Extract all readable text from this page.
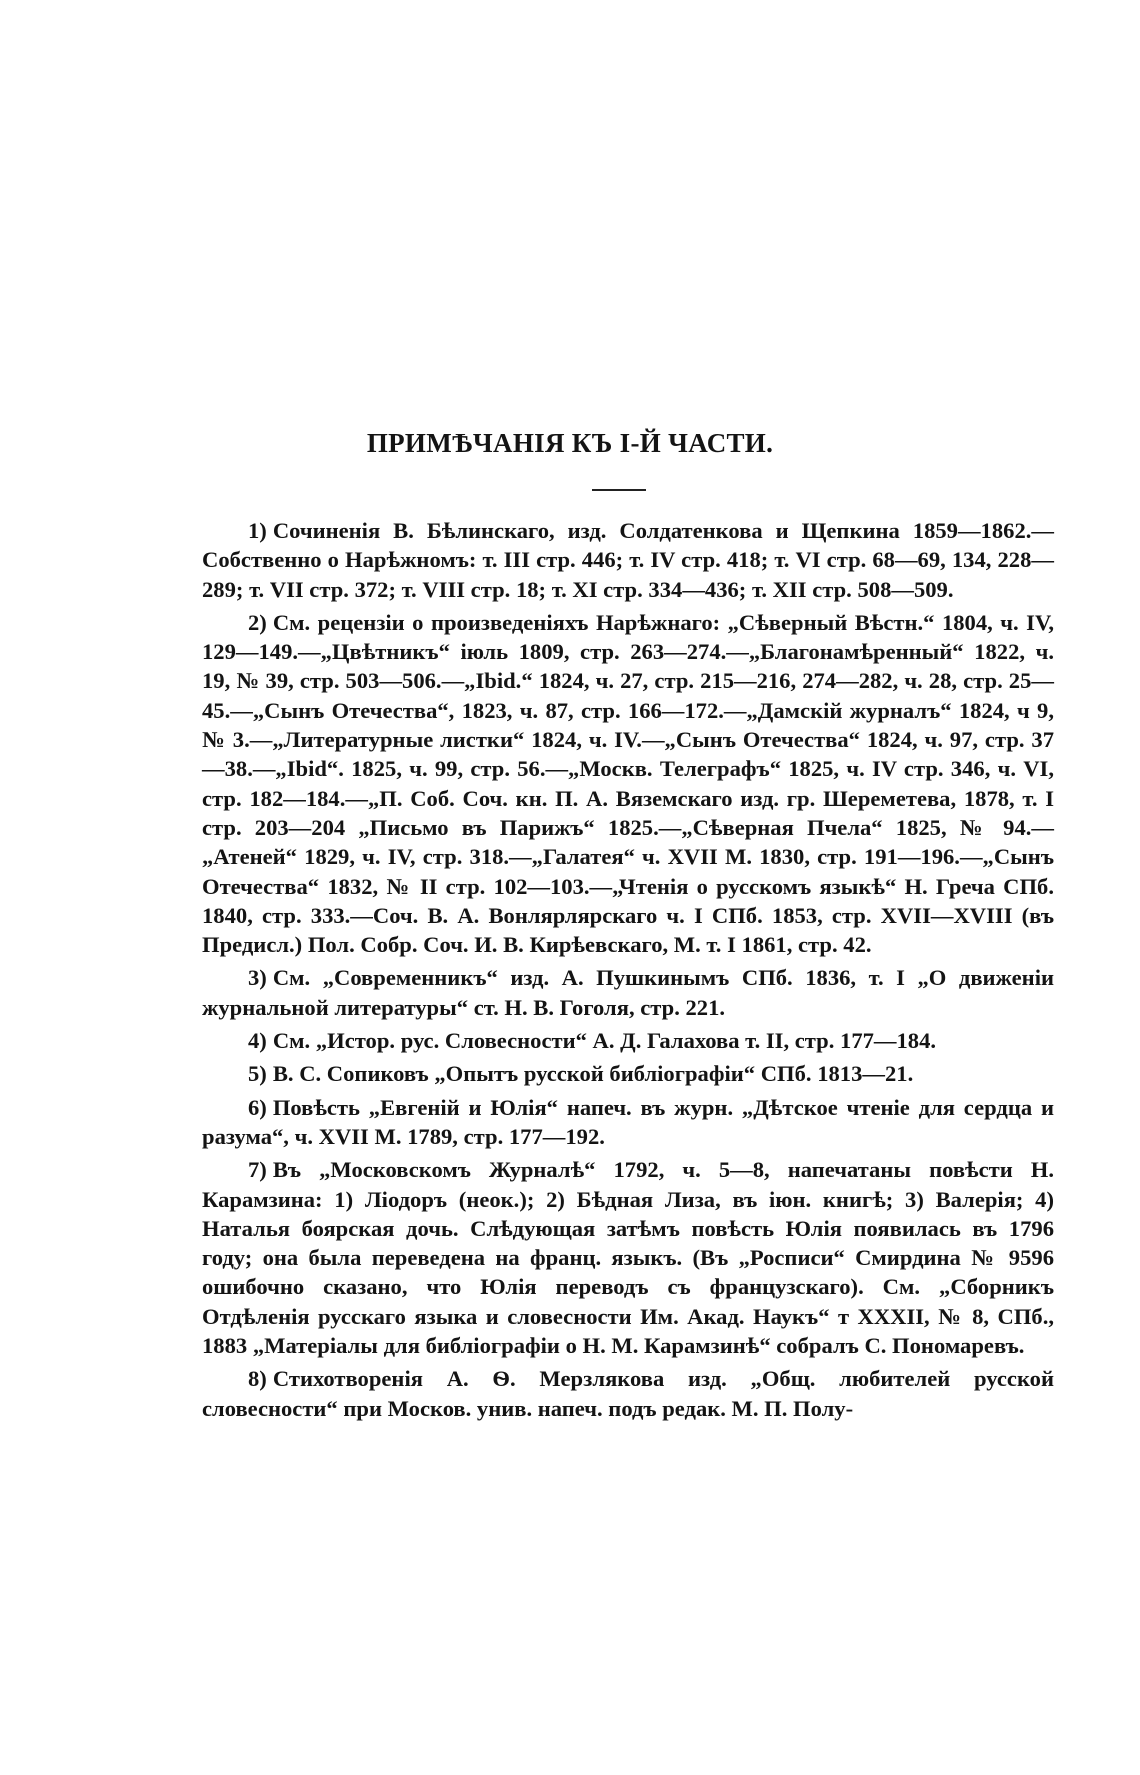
ПРИМѢЧАНІЯ КЪ І-Й ЧАСТИ.

1) Сочиненія В. Бѣлинскаго, изд. Солдатенкова и Щепкина 1859—1862.—Собственно о Нарѣжномъ: т. III стр. 446; т. IV стр. 418; т. VI стр. 68—69, 134, 228—289; т. VII стр. 372; т. VIII стр. 18; т. XI стр. 334—436; т. XII стр. 508—509.

2) См. рецензіи о произведеніяхъ Нарѣжнаго: „Сѣверный Вѣстн.“ 1804, ч. IV, 129—149.—„Цвѣтникъ“ іюль 1809, стр. 263—274.—„Благонамѣренный“ 1822, ч. 19, № 39, стр. 503—506.—„Ibid.“ 1824, ч. 27, стр. 215—216, 274—282, ч. 28, стр. 25—45.—„Сынъ Отечества“, 1823, ч. 87, стр. 166—172.—„Дамскій журналъ“ 1824, ч 9, № 3.—„Литературные листки“ 1824, ч. IV.—„Сынъ Отечества“ 1824, ч. 97, стр. 37—38.—„Ibid“. 1825, ч. 99, стр. 56.—„Москв. Телеграфъ“ 1825, ч. IV стр. 346, ч. VI, стр. 182—184.—„П. Соб. Соч. кн. П. А. Вяземскаго изд. гр. Шереметева, 1878, т. I стр. 203—204 „Письмо въ Парижъ“ 1825.—„Сѣверная Пчела“ 1825, № 94.—„Атеней“ 1829, ч. IV, стр. 318.—„Галатея“ ч. XVII М. 1830, стр. 191—196.—„Сынъ Отечества“ 1832, № II стр. 102—103.—„Чтенія о русскомъ языкѣ“ Н. Греча СПб. 1840, стр. 333.—Соч. В. А. Вонлярлярскаго ч. I СПб. 1853, стр. XVII—XVIII (въ Предисл.) Пол. Собр. Соч. И. В. Кирѣевскаго, М. т. I 1861, стр. 42.

3) См. „Современникъ“ изд. А. Пушкинымъ СПб. 1836, т. I „О движеніи журнальной литературы“ ст. Н. В. Гоголя, стр. 221.

4) См. „Истор. рус. Словесности“ А. Д. Галахова т. II, стр. 177—184.

5) В. С. Сопиковъ „Опытъ русской библіографіи“ СПб. 1813—21.

6) Повѣсть „Евгеній и Юлія“ напеч. въ журн. „Дѣтское чтеніе для сердца и разума“, ч. XVII М. 1789, стр. 177—192.

7) Въ „Московскомъ Журналѣ“ 1792, ч. 5—8, напечатаны повѣсти Н. Карамзина: 1) Ліодоръ (неок.); 2) Бѣдная Лиза, въ іюн. книгѣ; 3) Валерія; 4) Наталья боярская дочь. Слѣдующая затѣмъ повѣсть Юлія появилась въ 1796 году; она была переведена на франц. языкъ. (Въ „Росписи“ Смирдина № 9596 ошибочно сказано, что Юлія переводъ съ французскаго). См. „Сборникъ Отдѣленія русскаго языка и словесности Им. Акад. Наукъ“ т XXXII, № 8, СПб., 1883 „Матеріалы для библіографіи о Н. М. Карамзинѣ“ собралъ С. Пономаревъ.

8) Стихотворенія А. Ѳ. Мерзлякова изд. „Общ. любителей русской словесности“ при Москов. унив. напеч. подъ редак. М. П. Полу-
